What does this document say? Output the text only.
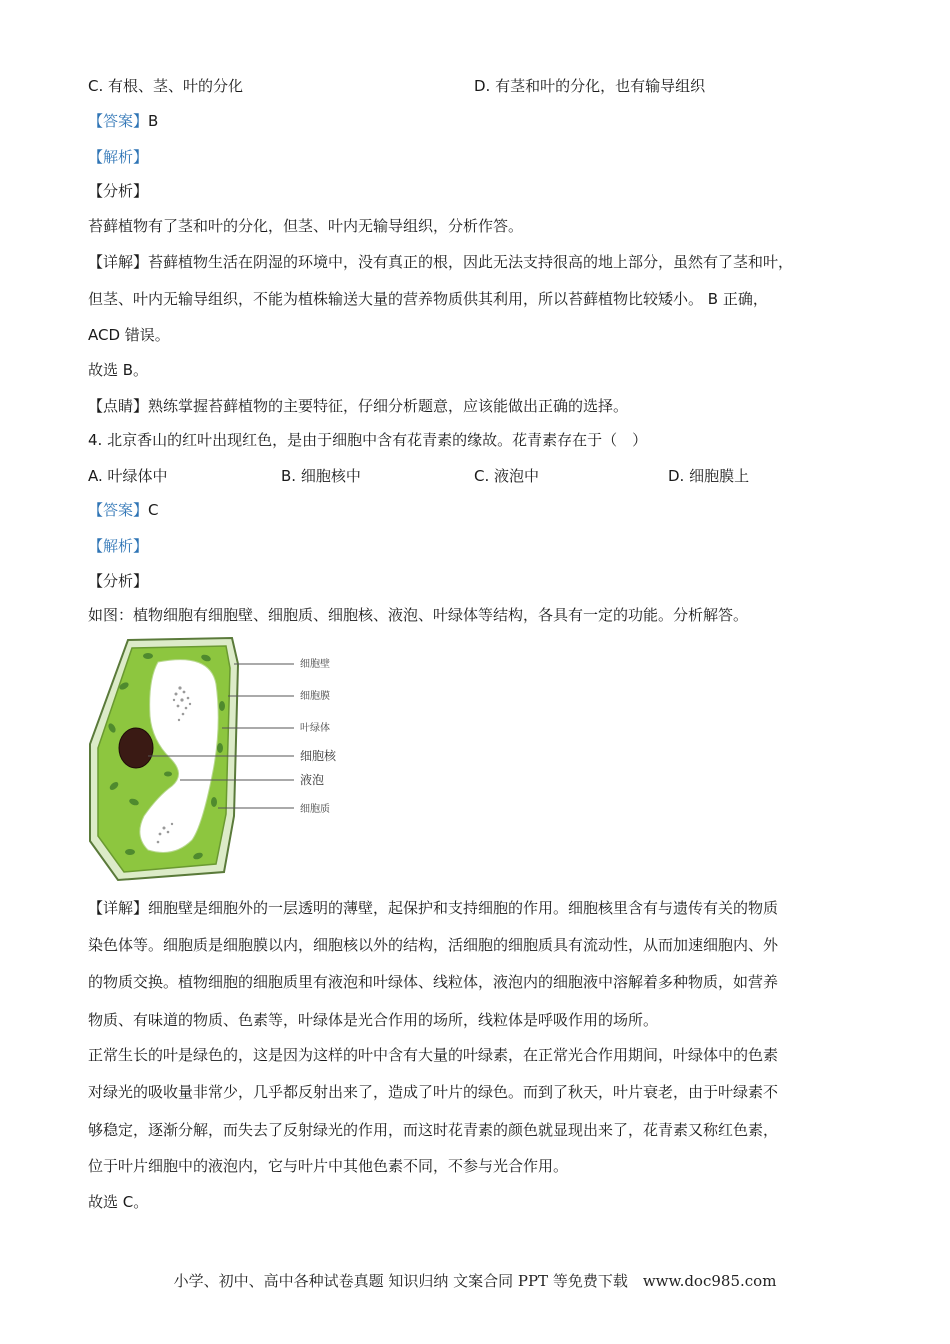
C. 有根、茎、叶的分化	D. 有茎和叶的分化，也有输导组织
【答案】B
【解析】
【分析】
苔藓植物有了茎和叶的分化，但茎、叶内无输导组织，分析作答。
【详解】苔藓植物生活在阴湿的环境中，没有真正的根，因此无法支持很高的地上部分，虽然有了茎和叶，
但茎、叶内无输导组织，不能为植株输送大量的营养物质供其利用，所以苔藓植物比较矮小。 B 正确，
ACD 错误。
故选 B。
【点睛】熟练掌握苔藓植物的主要特征，仔细分析题意，应该能做出正确的选择。
4. 北京香山的红叶出现红色，是由于细胞中含有花青素的缘故。花青素存在于（　）
A. 叶绿体中	B. 细胞核中	C. 液泡中	D. 细胞膜上
【答案】C
【解析】
【分析】
如图：植物细胞有细胞壁、细胞质、细胞核、液泡、叶绿体等结构，各具有一定的功能。分析解答。
细胞壁
细胞膜
叶绿体
细胞核
液泡
细胞质
【详解】细胞壁是细胞外的一层透明的薄壁，起保护和支持细胞的作用。细胞核里含有与遗传有关的物质
染色体等。细胞质是细胞膜以内，细胞核以外的结构，活细胞的细胞质具有流动性，从而加速细胞内、外
的物质交换。植物细胞的细胞质里有液泡和叶绿体、线粒体，液泡内的细胞液中溶解着多种物质，如营养
物质、有味道的物质、色素等，叶绿体是光合作用的场所，线粒体是呼吸作用的场所。
正常生长的叶是绿色的，这是因为这样的叶中含有大量的叶绿素，在正常光合作用期间，叶绿体中的色素
对绿光的吸收量非常少，几乎都反射出来了，造成了叶片的绿色。而到了秋天，叶片衰老，由于叶绿素不
够稳定，逐渐分解，而失去了反射绿光的作用，而这时花青素的颜色就显现出来了，花青素又称红色素，
位于叶片细胞中的液泡内，它与叶片中其他色素不同，不参与光合作用。
故选 C。
小学、初中、高中各种试卷真题 知识归纳 文案合同 PPT 等免费下载　www.doc985.com
